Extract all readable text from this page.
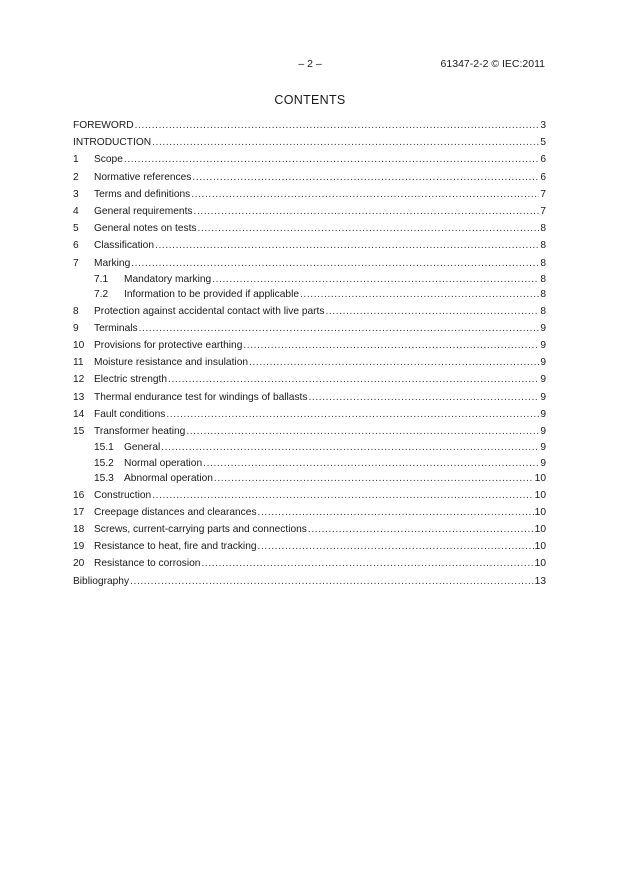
– 2 –	61347-2-2 © IEC:2011
CONTENTS
FOREWORD .....	3
INTRODUCTION .....	5
1	Scope .....	6
2	Normative references .....	6
3	Terms and definitions .....	7
4	General requirements .....	7
5	General notes on tests .....	8
6	Classification .....	8
7	Marking .....	8
7.1	Mandatory marking .....	8
7.2	Information to be provided if applicable .....	8
8	Protection against accidental contact with live parts .....	8
9	Terminals .....	9
10 Provisions for protective earthing .....	9
11	Moisture resistance and insulation .....	9
12 Electric strength .....	9
13 Thermal endurance test for windings of ballasts .....	9
14 Fault conditions .....	9
15 Transformer heating .....	9
15.1 General .....	9
15.2 Normal operation .....	9
15.3 Abnormal operation .....	10
16 Construction .....	10
17 Creepage distances and clearances .....	10
18 Screws, current-carrying parts and connections .....	10
19 Resistance to heat, fire and tracking .....	10
20 Resistance to corrosion .....	10
Bibliography .....	13
